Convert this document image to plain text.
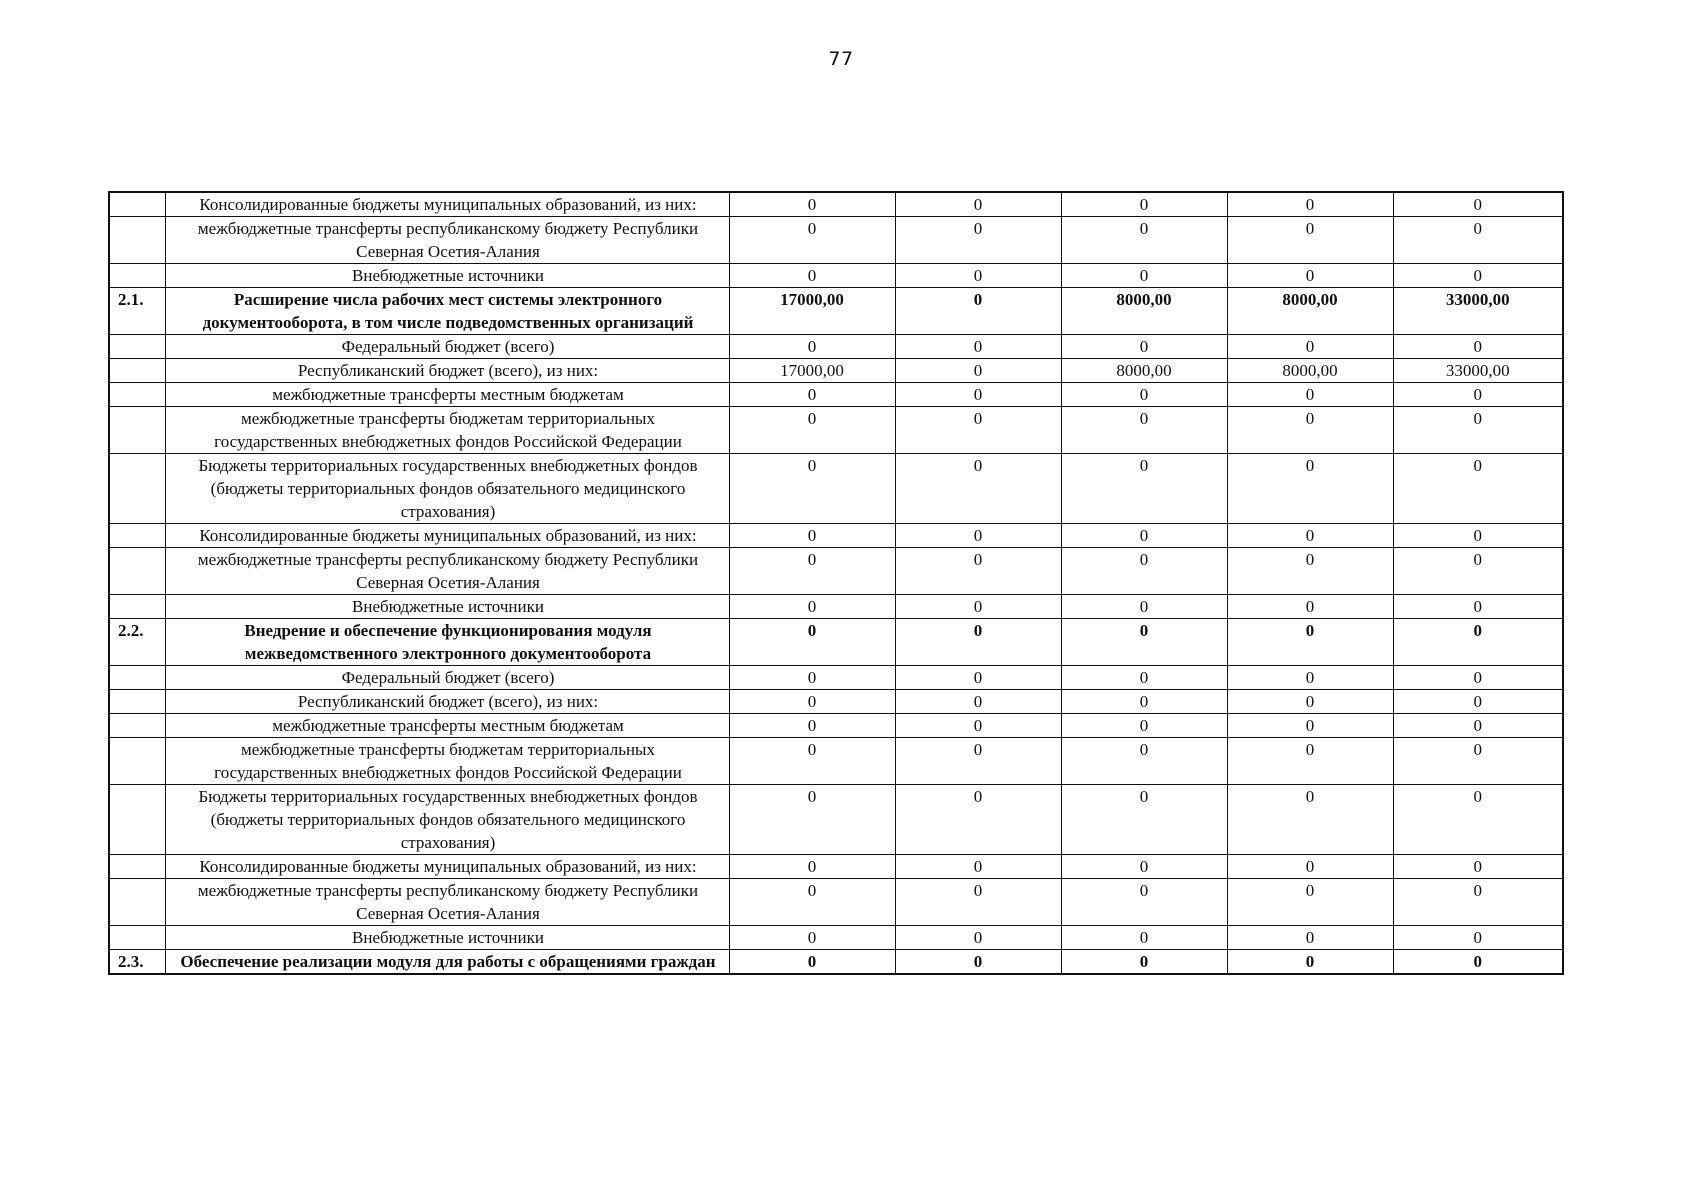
77
	Консолидированные бюджеты муниципальных образований, из них:	0	0	0	0	0
	межбюджетные трансферты республиканскому бюджету Республики Северная Осетия-Алания	0	0	0	0	0
	Внебюджетные источники	0	0	0	0	0
2.1.	Расширение числа рабочих мест системы электронного документооборота, в том числе подведомственных организаций	17000,00	0	8000,00	8000,00	33000,00
	Федеральный бюджет (всего)	0	0	0	0	0
	Республиканский бюджет (всего), из них:	17000,00	0	8000,00	8000,00	33000,00
	межбюджетные трансферты местным бюджетам	0	0	0	0	0
	межбюджетные трансферты бюджетам территориальных государственных внебюджетных фондов Российской Федерации	0	0	0	0	0
	Бюджеты территориальных государственных внебюджетных фондов (бюджеты территориальных фондов обязательного медицинского страхования)	0	0	0	0	0
	Консолидированные бюджеты муниципальных образований, из них:	0	0	0	0	0
	межбюджетные трансферты республиканскому бюджету Республики Северная Осетия-Алания	0	0	0	0	0
	Внебюджетные источники	0	0	0	0	0
2.2.	Внедрение и обеспечение функционирования модуля межведомственного электронного документооборота	0	0	0	0	0
	Федеральный бюджет (всего)	0	0	0	0	0
	Республиканский бюджет (всего), из них:	0	0	0	0	0
	межбюджетные трансферты местным бюджетам	0	0	0	0	0
	межбюджетные трансферты бюджетам территориальных государственных внебюджетных фондов Российской Федерации	0	0	0	0	0
	Бюджеты территориальных государственных внебюджетных фондов (бюджеты территориальных фондов обязательного медицинского страхования)	0	0	0	0	0
	Консолидированные бюджеты муниципальных образований, из них:	0	0	0	0	0
	межбюджетные трансферты республиканскому бюджету Республики Северная Осетия-Алания	0	0	0	0	0
	Внебюджетные источники	0	0	0	0	0
2.3.	Обеспечение реализации модуля для работы с обращениями граждан	0	0	0	0	0
